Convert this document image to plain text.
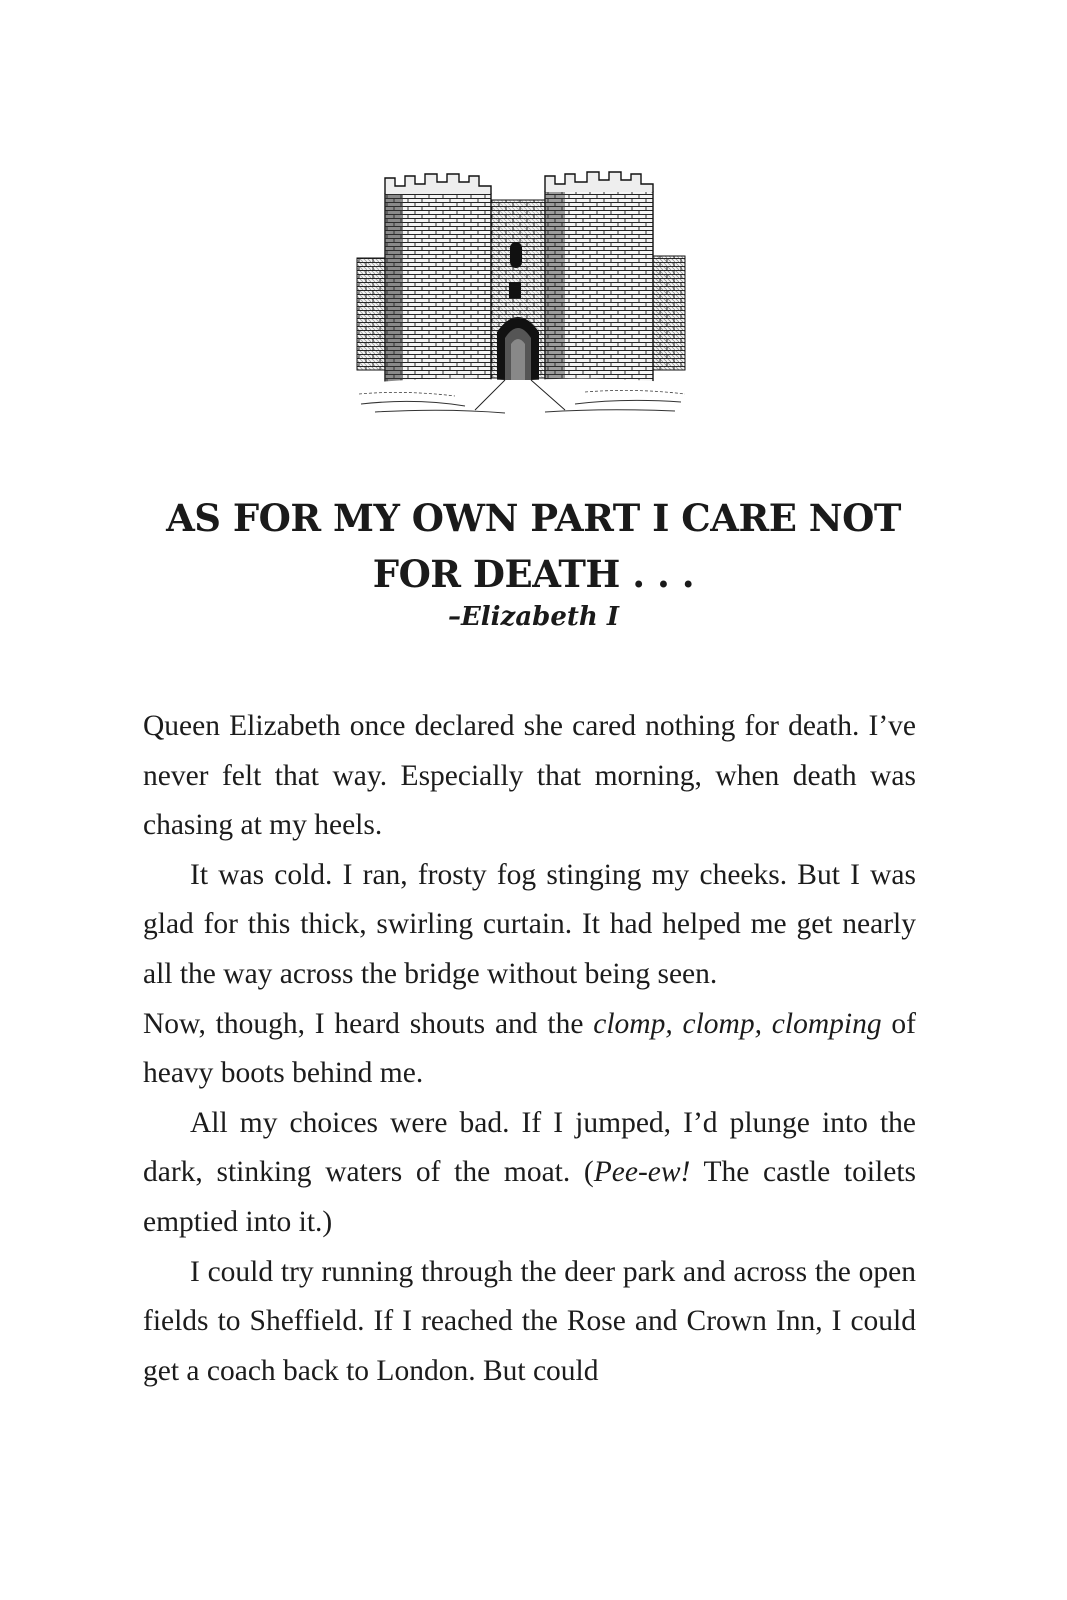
AS FOR MY OWN PART I CARE NOT FOR DEATH . . .
–Elizabeth I

Queen Elizabeth once declared she cared nothing for death. I’ve never felt that way. Especially that morning, when death was chasing at my heels.

It was cold. I ran, frosty fog stinging my cheeks. But I was glad for this thick, swirling curtain. It had helped me get nearly all the way across the bridge without being seen.

Now, though, I heard shouts and the clomp, clomp, clomping of heavy boots behind me.

All my choices were bad. If I jumped, I’d plunge into the dark, stinking waters of the moat. (Pee-ew! The castle toilets emptied into it.)

I could try running through the deer park and across the open fields to Sheffield. If I reached the Rose and Crown Inn, I could get a coach back to London. But could
